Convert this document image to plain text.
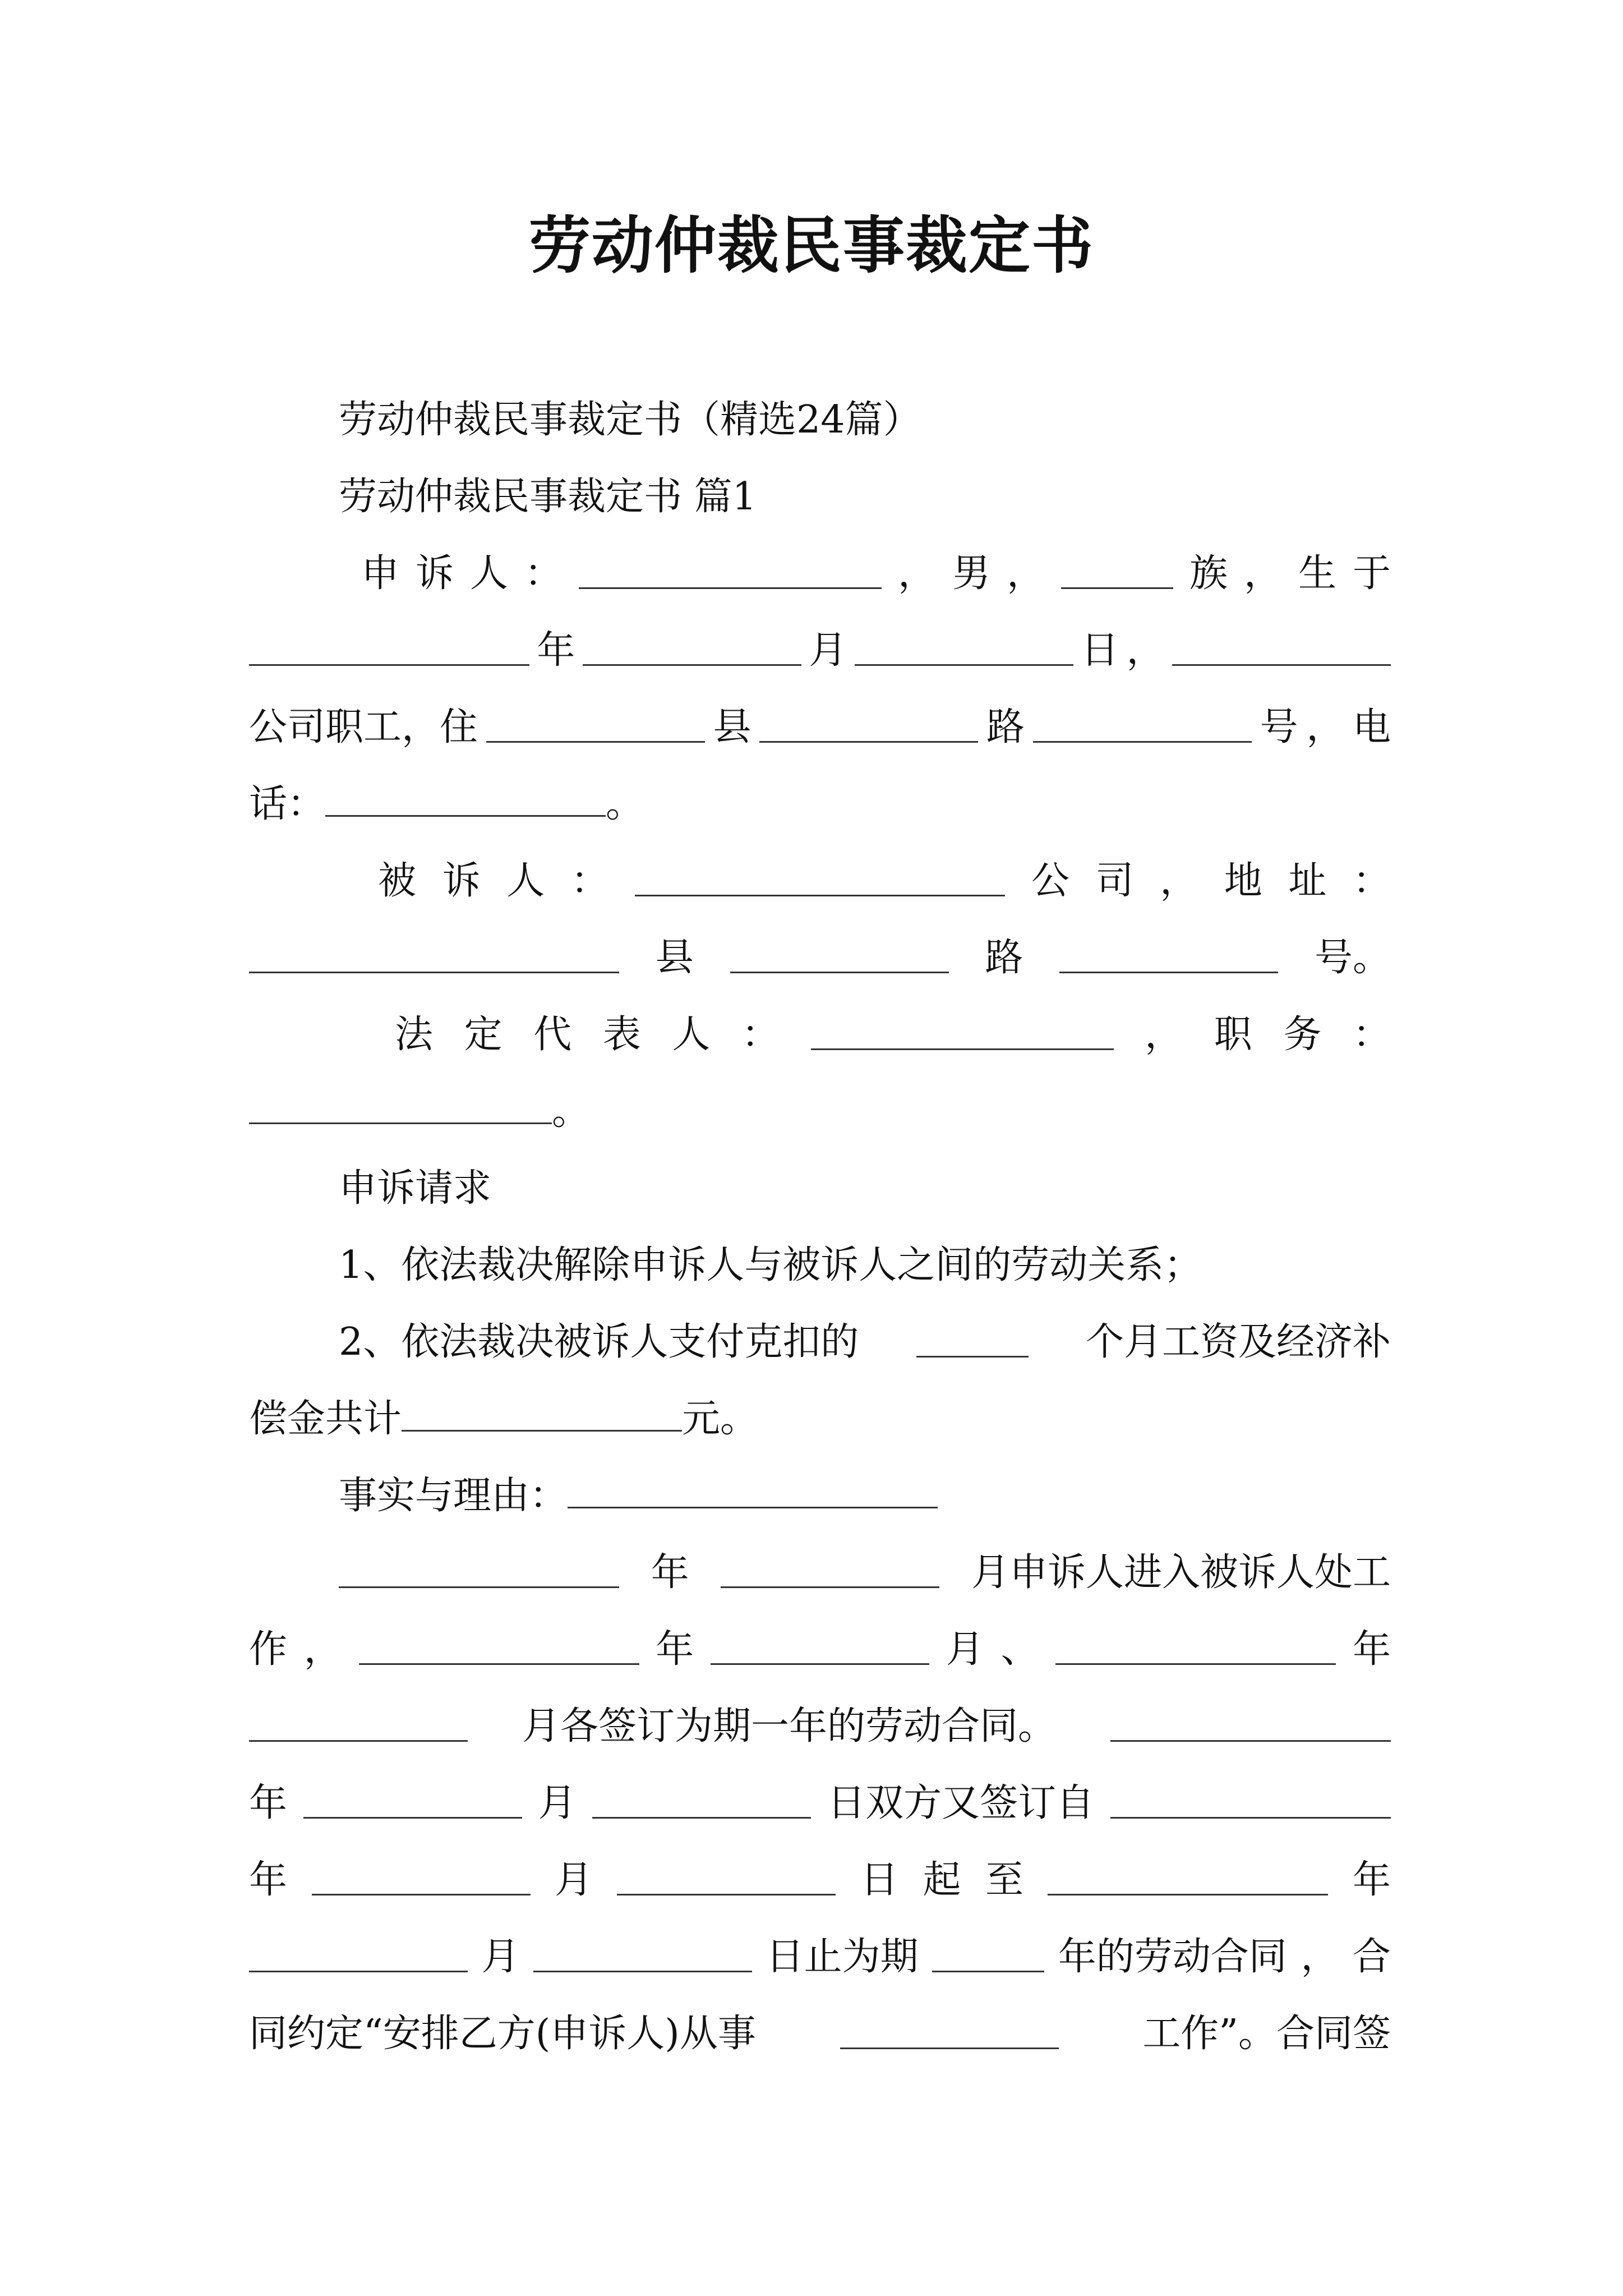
劳动仲裁民事裁定书
劳动仲裁民事裁定书（精选24篇）
劳动仲裁民事裁定书 篇1
申 诉 人 ：	， 男 ，	族 ， 生 于
年	月	日 ，
公司职工，住	县	路	号 ， 电
话：	。
被 诉 人 ：	公 司 ， 地 址 ：
县	路	号。
法 定 代 表 人 ：	， 职 务 ：
。
申诉请求
1、依法裁决解除申诉人与被诉人之间的劳动关系；
2、依法裁决被诉人支付克扣的	个月工资及经济补
偿金共计	元。
事实与理由：
年	月申诉人进入被诉人处工
作 ，	年	月 、	年
月各签订为期一年的劳动合同。
年	月	日双方又签订自
年	月	日 起 至	年
月	日止为期	年的劳动合同 ， 合
同约定“安排乙方(申诉人)从事	工作”。合同签
